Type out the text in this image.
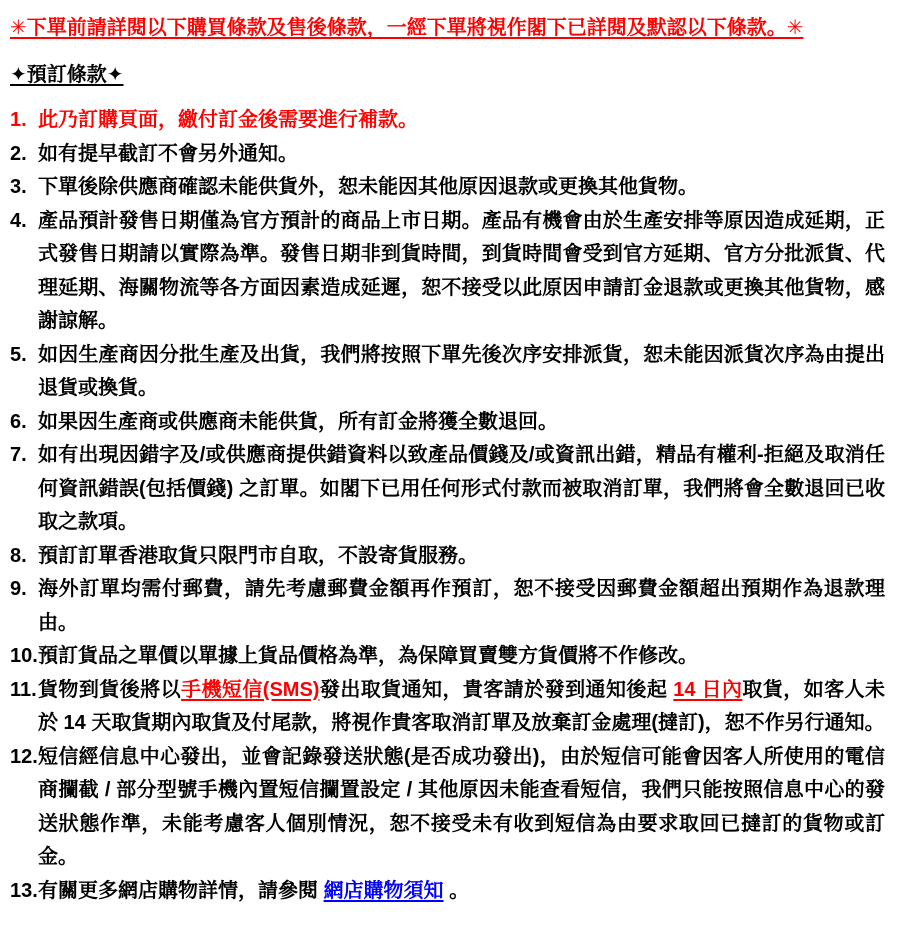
✳下單前請詳閱以下購買條款及售後條款，一經下單將視作閣下已詳閱及默認以下條款。✳

✦預訂條款✦
1. 此乃訂購頁面，繳付訂金後需要進行補款。
2. 如有提早截訂不會另外通知。
3. 下單後除供應商確認未能供貨外，恕未能因其他原因退款或更換其他貨物。
4. 產品預計發售日期僅為官方預計的商品上市日期。產品有機會由於生產安排等原因造成延期，正式發售日期請以實際為準。發售日期非到貨時間，到貨時間會受到官方延期、官方分批派貨、代理延期、海關物流等各方面因素造成延遲，恕不接受以此原因申請訂金退款或更換其他貨物，感謝諒解。
5. 如因生產商因分批生產及出貨，我們將按照下單先後次序安排派貨，恕未能因派貨次序為由提出退貨或換貨。
6. 如果因生產商或供應商未能供貨，所有訂金將獲全數退回。
7. 如有出現因錯字及/或供應商提供錯資料以致產品價錢及/或資訊出錯，精品有權利-拒絕及取消任何資訊錯誤(包括價錢) 之訂單。如閣下已用任何形式付款而被取消訂單，我們將會全數退回已收取之款項。
8. 預訂訂單香港取貨只限門市自取，不設寄貨服務。
9. 海外訂單均需付郵費，請先考慮郵費金額再作預訂，恕不接受因郵費金額超出預期作為退款理由。
10. 預訂貨品之單價以單據上貨品價格為準，為保障買賣雙方貨價將不作修改。
11. 貨物到貨後將以手機短信(SMS)發出取貨通知，貴客請於發到通知後起 14 日內取貨，如客人未於 14 天取貨期內取貨及付尾款，將視作貴客取消訂單及放棄訂金處理(撻訂)，恕不作另行通知。
12. 短信經信息中心發出，並會記錄發送狀態(是否成功發出)，由於短信可能會因客人所使用的電信商攔截 / 部分型號手機內置短信攔置設定 / 其他原因未能查看短信，我們只能按照信息中心的發送狀態作準，未能考慮客人個別情況，恕不接受未有收到短信為由要求取回已撻訂的貨物或訂金。
13. 有關更多網店購物詳情，請參閱 網店購物須知 。
